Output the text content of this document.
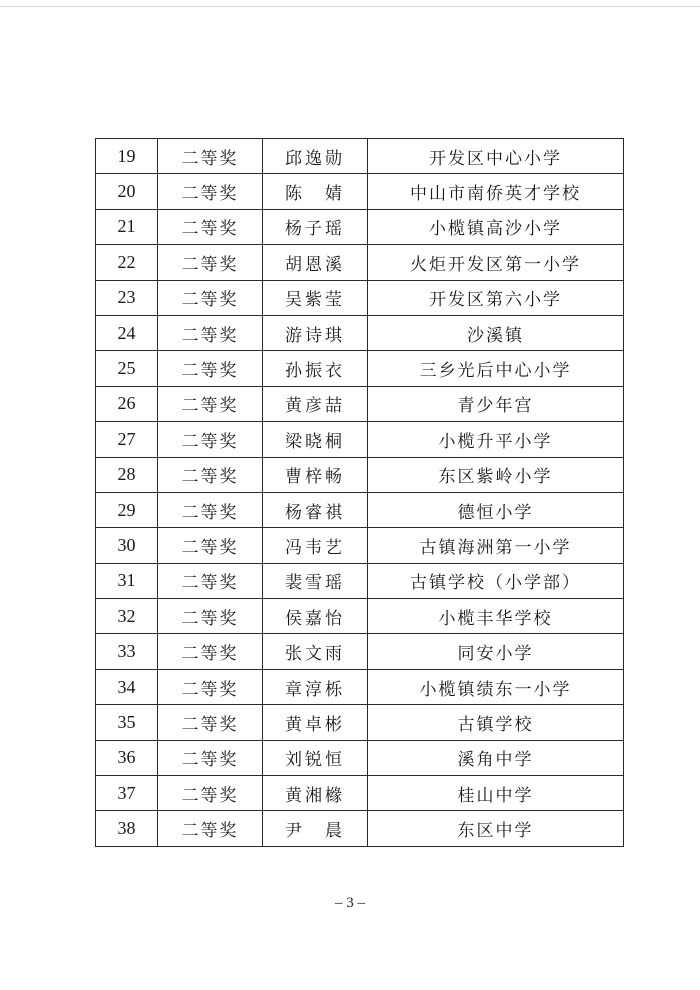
19	二等奖	邱逸勋	开发区中心小学
20	二等奖	陈　婧	中山市南侨英才学校
21	二等奖	杨子瑶	小榄镇高沙小学
22	二等奖	胡恩溪	火炬开发区第一小学
23	二等奖	吴紫莹	开发区第六小学
24	二等奖	游诗琪	沙溪镇
25	二等奖	孙振衣	三乡光后中心小学
26	二等奖	黄彦喆	青少年宫
27	二等奖	梁晓桐	小榄升平小学
28	二等奖	曹梓畅	东区紫岭小学
29	二等奖	杨睿祺	德恒小学
30	二等奖	冯韦艺	古镇海洲第一小学
31	二等奖	裴雪瑶	古镇学校（小学部）
32	二等奖	侯嘉怡	小榄丰华学校
33	二等奖	张文雨	同安小学
34	二等奖	章淳栎	小榄镇绩东一小学
35	二等奖	黄卓彬	古镇学校
36	二等奖	刘锐恒	溪角中学
37	二等奖	黄湘橼	桂山中学
38	二等奖	尹　晨	东区中学
– 3 –
